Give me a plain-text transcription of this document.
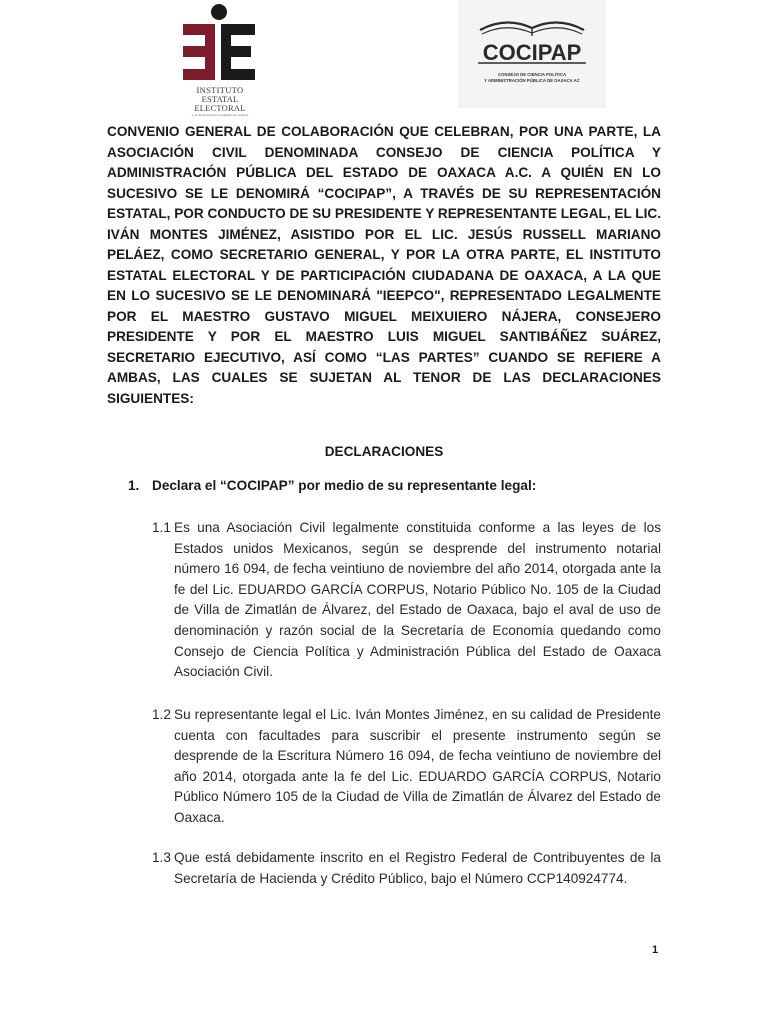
INSTITUTO
ESTATAL ELECTORAL
y de Participación Ciudadana de Oaxaca
COCIPAP
CONSEJO DE CIENCIA POLÍTICA
Y ADMINISTRACIÓN PÚBLICA DE OAXACA AC

CONVENIO GENERAL DE COLABORACIÓN QUE CELEBRAN, POR UNA PARTE, LA ASOCIACIÓN CIVIL DENOMINADA CONSEJO DE CIENCIA POLÍTICA Y ADMINISTRACIÓN PÚBLICA DEL ESTADO DE OAXACA A.C. A QUIÉN EN LO SUCESIVO SE LE DENOMIRÁ “COCIPAP”, A TRAVÉS DE SU REPRESENTACIÓN ESTATAL, POR CONDUCTO DE SU PRESIDENTE Y REPRESENTANTE LEGAL, EL LIC. IVÁN MONTES JIMÉNEZ, ASISTIDO POR EL LIC. JESÚS RUSSELL MARIANO PELÁEZ, COMO SECRETARIO GENERAL, Y POR LA OTRA PARTE, EL INSTITUTO ESTATAL ELECTORAL Y DE PARTICIPACIÓN CIUDADANA DE OAXACA, A LA QUE EN LO SUCESIVO SE LE DENOMINARÁ "IEEPCO", REPRESENTADO LEGALMENTE POR EL MAESTRO GUSTAVO MIGUEL MEIXUIERO NÁJERA, CONSEJERO PRESIDENTE Y POR EL MAESTRO LUIS MIGUEL SANTIBÁÑEZ SUÁREZ, SECRETARIO EJECUTIVO, ASÍ COMO “LAS PARTES” CUANDO SE REFIERE A AMBAS, LAS CUALES SE SUJETAN AL TENOR DE LAS DECLARACIONES SIGUIENTES:

DECLARACIONES

1. Declara el “COCIPAP” por medio de su representante legal:

1.1 Es una Asociación Civil legalmente constituida conforme a las leyes de los Estados unidos Mexicanos, según se desprende del instrumento notarial número 16 094, de fecha veintiuno de noviembre del año 2014, otorgada ante la fe del Lic. EDUARDO GARCÍA CORPUS, Notario Público No. 105 de la Ciudad de Villa de Zimatlán de Álvarez, del Estado de Oaxaca, bajo el aval de uso de denominación y razón social de la Secretaría de Economía quedando como Consejo de Ciencia Política y Administración Pública del Estado de Oaxaca Asociación Civil.

1.2 Su representante legal el Lic. Iván Montes Jiménez, en su calidad de Presidente cuenta con facultades para suscribir el presente instrumento según se desprende de la Escritura Número 16 094, de fecha veintiuno de noviembre del año 2014, otorgada ante la fe del Lic. EDUARDO GARCÍA CORPUS, Notario Público Número 105 de la Ciudad de Villa de Zimatlán de Álvarez del Estado de Oaxaca.

1.3 Que está debidamente inscrito en el Registro Federal de Contribuyentes de la Secretaría de Hacienda y Crédito Público, bajo el Número CCP140924774.

1
